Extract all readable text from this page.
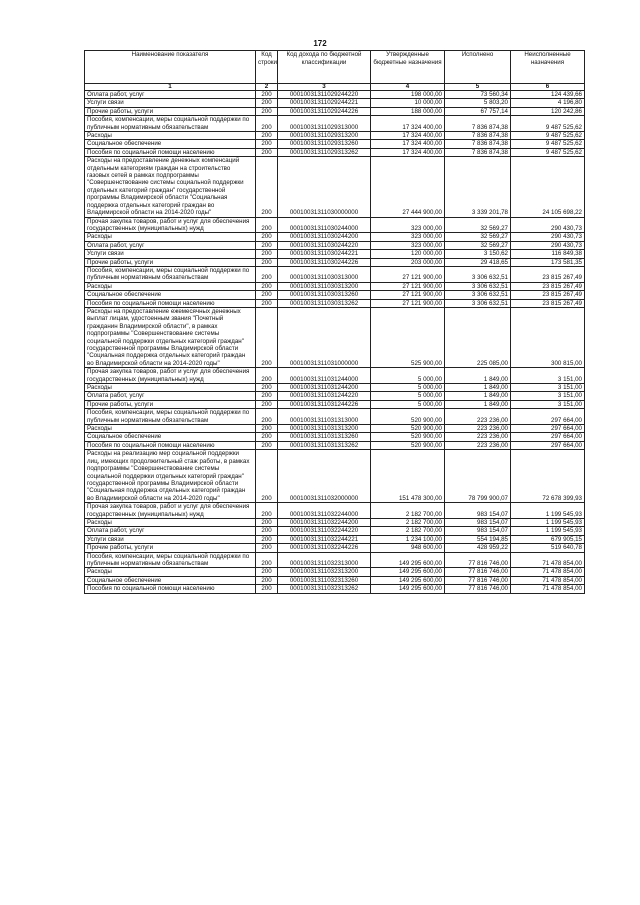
172
Наименование показателя	Код строки	Код дохода по бюджетной классификации	Утвержденные бюджетные назначения	Исполнено	Неисполненные назначения
1	2	3	4	5	6
Оплата работ, услуг	200	000100313110292442​20	198 000,00	73 560,34	124 439,66
Услуги связи	200	00010031311029244221	10 000,00	5 803,20	4 196,80
Прочие работы, услуги	200	00010031311029244226	188 000,00	67 757,14	120 242,86
Пособия, компенсации, меры социальной поддержки по публичным нормативным обязательствам	200	00010031311029313000	17 324 400,00	7 836 874,38	9 487 525,62
Расходы	200	00010031311029313200	17 324 400,00	7 836 874,38	9 487 525,62
Социальное обеспечение	200	00010031311029313260	17 324 400,00	7 836 874,38	9 487 525,62
Пособия по социальной помощи населению	200	00010031311029313262	17 324 400,00	7 836 874,38	9 487 525,62
Расходы на предоставление денежных компенсаций отдельным категориям граждан на строительство газовых сетей в рамках подпрограммы "Совершенствование системы социальной поддержки отдельных категорий граждан" государственной программы Владимирской области "Социальная поддержка отдельных категорий граждан во Владимирской области на 2014-2020 годы"	200	00010031311030000000	27 444 900,00	3 339 201,78	24 105 698,22
Прочая закупка товаров, работ и услуг для обеспечения государственных (муниципальных) нужд	200	00010031311030244000	323 000,00	32 569,27	290 430,73
Расходы	200	00010031311030244200	323 000,00	32 569,27	290 430,73
Оплата работ, услуг	200	00010031311030244220	323 000,00	32 569,27	290 430,73
Услуги связи	200	00010031311030244221	120 000,00	3 150,62	116 849,38
Прочие работы, услуги	200	00010031311030244226	203 000,00	29 418,65	173 581,35
Пособия, компенсации, меры социальной поддержки по публичным нормативным обязательствам	200	00010031311030313000	27 121 900,00	3 306 632,51	23 815 267,49
Расходы	200	00010031311030313200	27 121 900,00	3 306 632,51	23 815 267,49
Социальное обеспечение	200	00010031311030313260	27 121 900,00	3 306 632,51	23 815 267,49
Пособия по социальной помощи населению	200	00010031311030313262	27 121 900,00	3 306 632,51	23 815 267,49
Расходы на предоставление ежемесячных денежных выплат лицам, удостоенным звания "Почетный гражданин Владимирской области", в рамках подпрограммы "Совершенствование системы социальной поддержки отдельных категорий граждан" государственной программы Владимирской области "Социальная поддержка отдельных категорий граждан во Владимирской области на 2014-2020 годы"	200	00010031311031000000	525 900,00	225 085,00	300 815,00
Прочая закупка товаров, работ и услуг для обеспечения государственных (муниципальных) нужд	200	00010031311031244000	5 000,00	1 849,00	3 151,00
Расходы	200	00010031311031244200	5 000,00	1 849,00	3 151,00
Оплата работ, услуг	200	00010031311031244220	5 000,00	1 849,00	3 151,00
Прочие работы, услуги	200	00010031311031244226	5 000,00	1 849,00	3 151,00
Пособия, компенсации, меры социальной поддержки по публичным нормативным обязательствам	200	00010031311031313000	520 900,00	223 236,00	297 664,00
Расходы	200	00010031311031313200	520 900,00	223 236,00	297 664,00
Социальное обеспечение	200	00010031311031313260	520 900,00	223 236,00	297 664,00
Пособия по социальной помощи населению	200	00010031311031313262	520 900,00	223 236,00	297 664,00
Расходы на реализацию мер социальной поддержки лиц, имеющих продолжительный стаж работы, в рамках подпрограммы "Совершенствование системы социальной поддержки отдельных категорий граждан" государственной программы Владимирской области "Социальная поддержка отдельных категорий граждан во Владимирской области на 2014-2020 годы"	200	00010031311032000000	151 478 300,00	78 799 900,07	72 678 399,93
Прочая закупка товаров, работ и услуг для обеспечения государственных (муниципальных) нужд	200	00010031311032244000	2 182 700,00	983 154,07	1 199 545,93
Расходы	200	00010031311032244200	2 182 700,00	983 154,07	1 199 545,93
Оплата работ, услуг	200	00010031311032244220	2 182 700,00	983 154,07	1 199 545,93
Услуги связи	200	00010031311032244221	1 234 100,00	554 194,85	679 905,15
Прочие работы, услуги	200	00010031311032244226	948 600,00	428 959,22	519 640,78
Пособия, компенсации, меры социальной поддержки по публичным нормативным обязательствам	200	00010031311032313000	149 295 600,00	77 816 746,00	71 478 854,00
Расходы	200	00010031311032313200	149 295 600,00	77 816 746,00	71 478 854,00
Социальное обеспечение	200	00010031311032313260	149 295 600,00	77 816 746,00	71 478 854,00
Пособия по социальной помощи населению	200	00010031311032313262	149 295 600,00	77 816 746,00	71 478 854,00
